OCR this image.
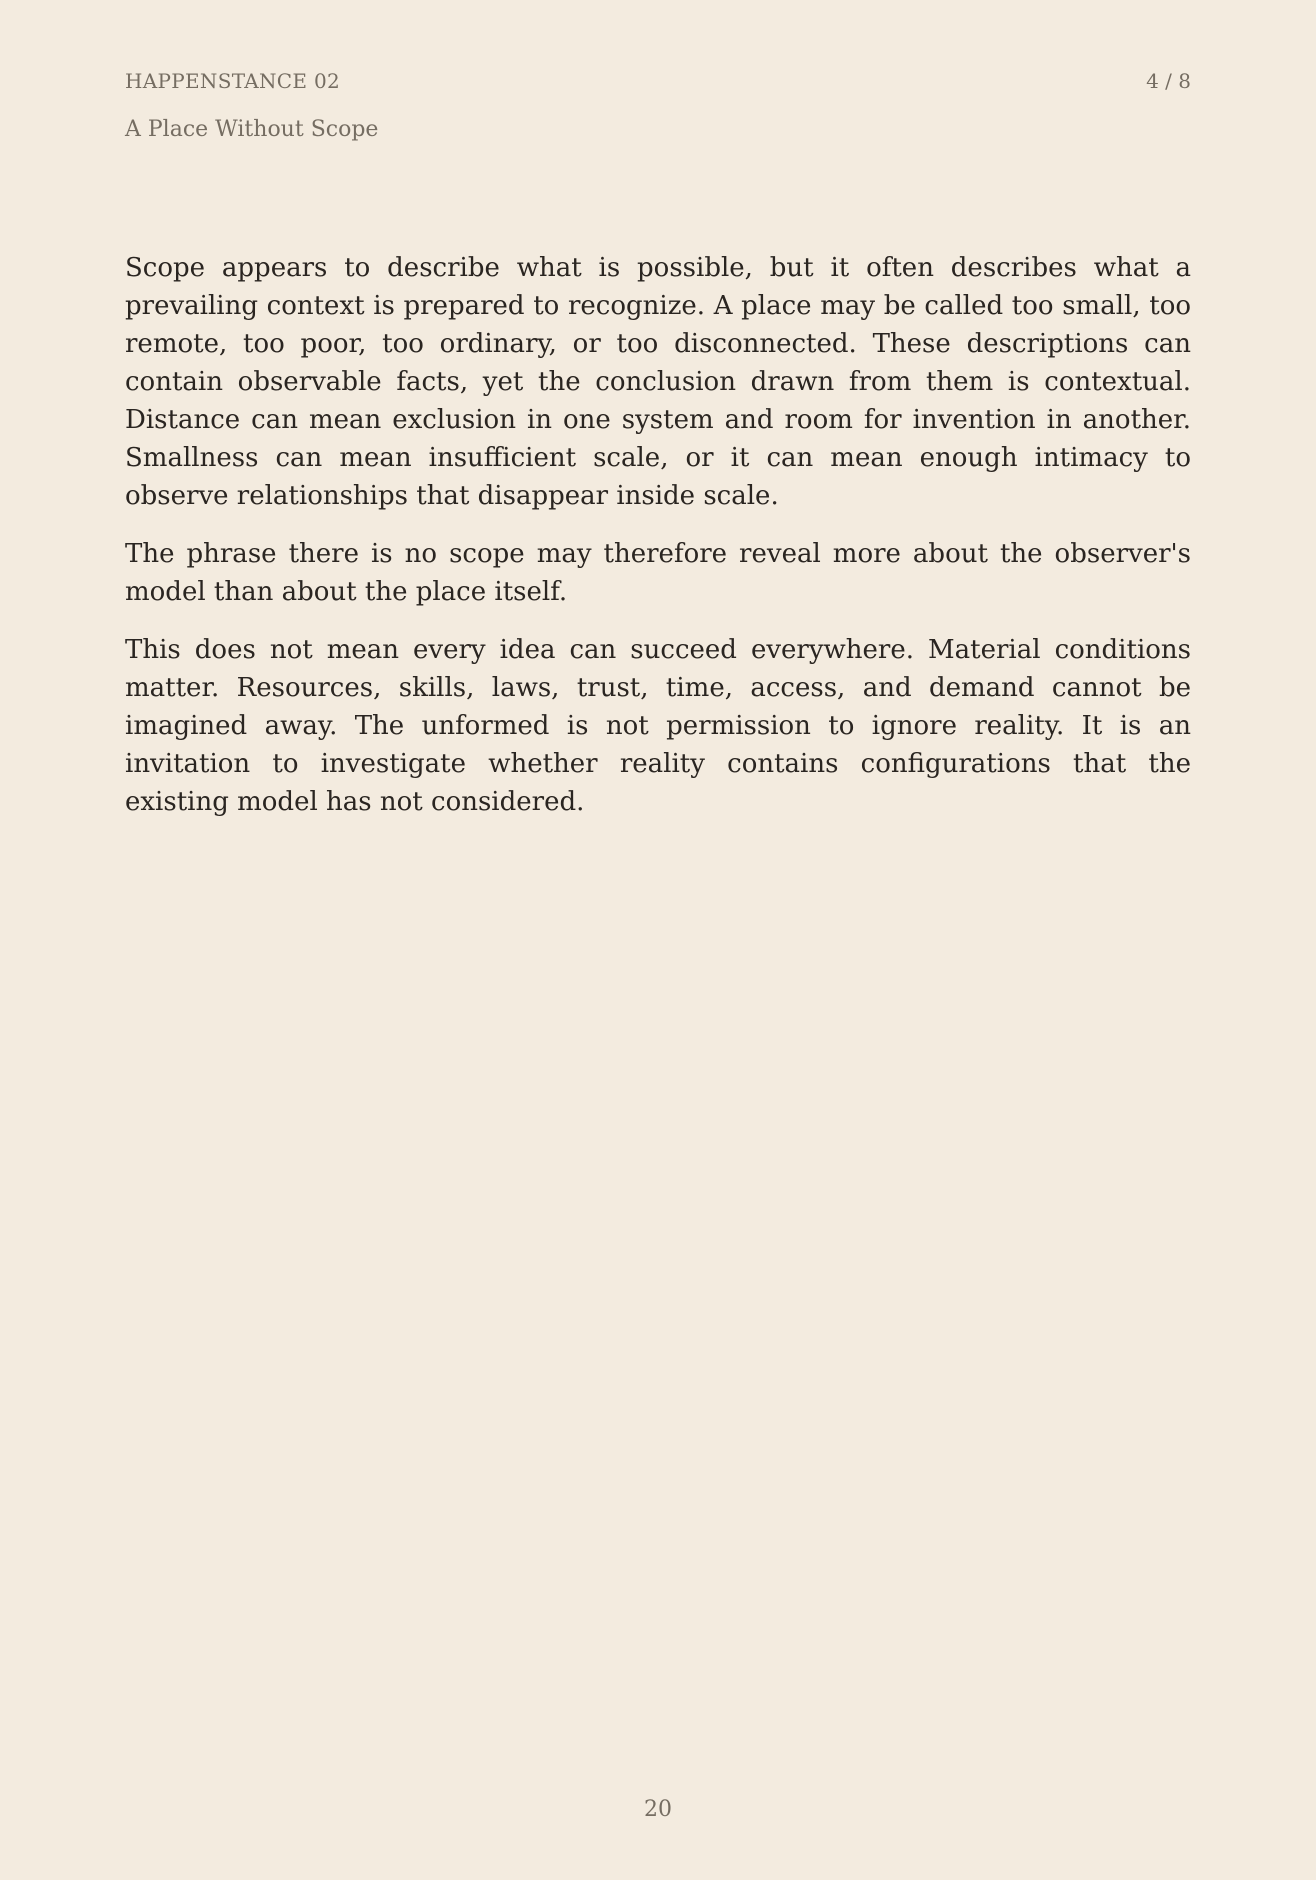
HAPPENSTANCE 02	4 / 8
A Place Without Scope

Scope appears to describe what is possible, but it often describes what a prevailing context is prepared to recognize. A place may be called too small, too remote, too poor, too ordinary, or too disconnected. These descriptions can contain observable facts, yet the conclusion drawn from them is contextual. Distance can mean exclusion in one system and room for invention in another. Smallness can mean insufficient scale, or it can mean enough intimacy to observe relationships that disappear inside scale.

The phrase there is no scope may therefore reveal more about the observer's model than about the place itself.

This does not mean every idea can succeed everywhere. Material conditions matter. Resources, skills, laws, trust, time, access, and demand cannot be imagined away. The unformed is not permission to ignore reality. It is an invitation to investigate whether reality contains configurations that the existing model has not considered.

20
